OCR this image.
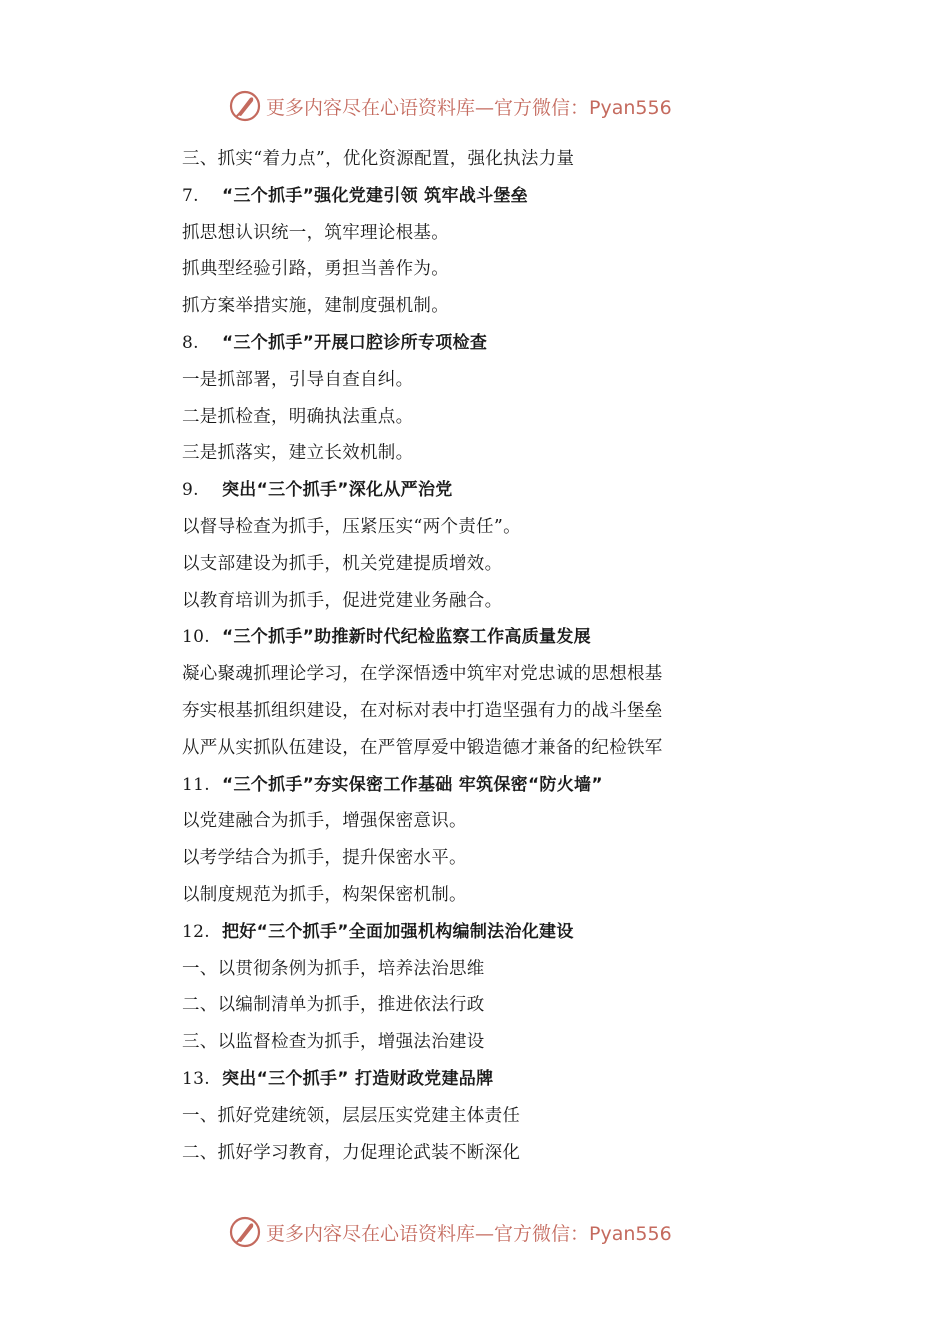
更多内容尽在心语资料库—官方微信：Pyan556
三、抓实“着力点”，优化资源配置，强化执法力量
7. “三个抓手”强化党建引领 筑牢战斗堡垒
抓思想认识统一，筑牢理论根基。
抓典型经验引路，勇担当善作为。
抓方案举措实施，建制度强机制。
8. “三个抓手”开展口腔诊所专项检查
一是抓部署，引导自查自纠。
二是抓检查，明确执法重点。
三是抓落实，建立长效机制。
9. 突出“三个抓手”深化从严治党
以督导检查为抓手，压紧压实“两个责任”。
以支部建设为抓手，机关党建提质增效。
以教育培训为抓手，促进党建业务融合。
10. “三个抓手”助推新时代纪检监察工作高质量发展
凝心聚魂抓理论学习，在学深悟透中筑牢对党忠诚的思想根基
夯实根基抓组织建设，在对标对表中打造坚强有力的战斗堡垒
从严从实抓队伍建设，在严管厚爱中锻造德才兼备的纪检铁军
11. “三个抓手”夯实保密工作基础 牢筑保密“防火墙”
以党建融合为抓手，增强保密意识。
以考学结合为抓手，提升保密水平。
以制度规范为抓手，构架保密机制。
12. 把好“三个抓手”全面加强机构编制法治化建设
一、以贯彻条例为抓手，培养法治思维
二、以编制清单为抓手，推进依法行政
三、以监督检查为抓手，增强法治建设
13. 突出“三个抓手” 打造财政党建品牌
一、抓好党建统领，层层压实党建主体责任
二、抓好学习教育，力促理论武装不断深化
更多内容尽在心语资料库—官方微信：Pyan556
